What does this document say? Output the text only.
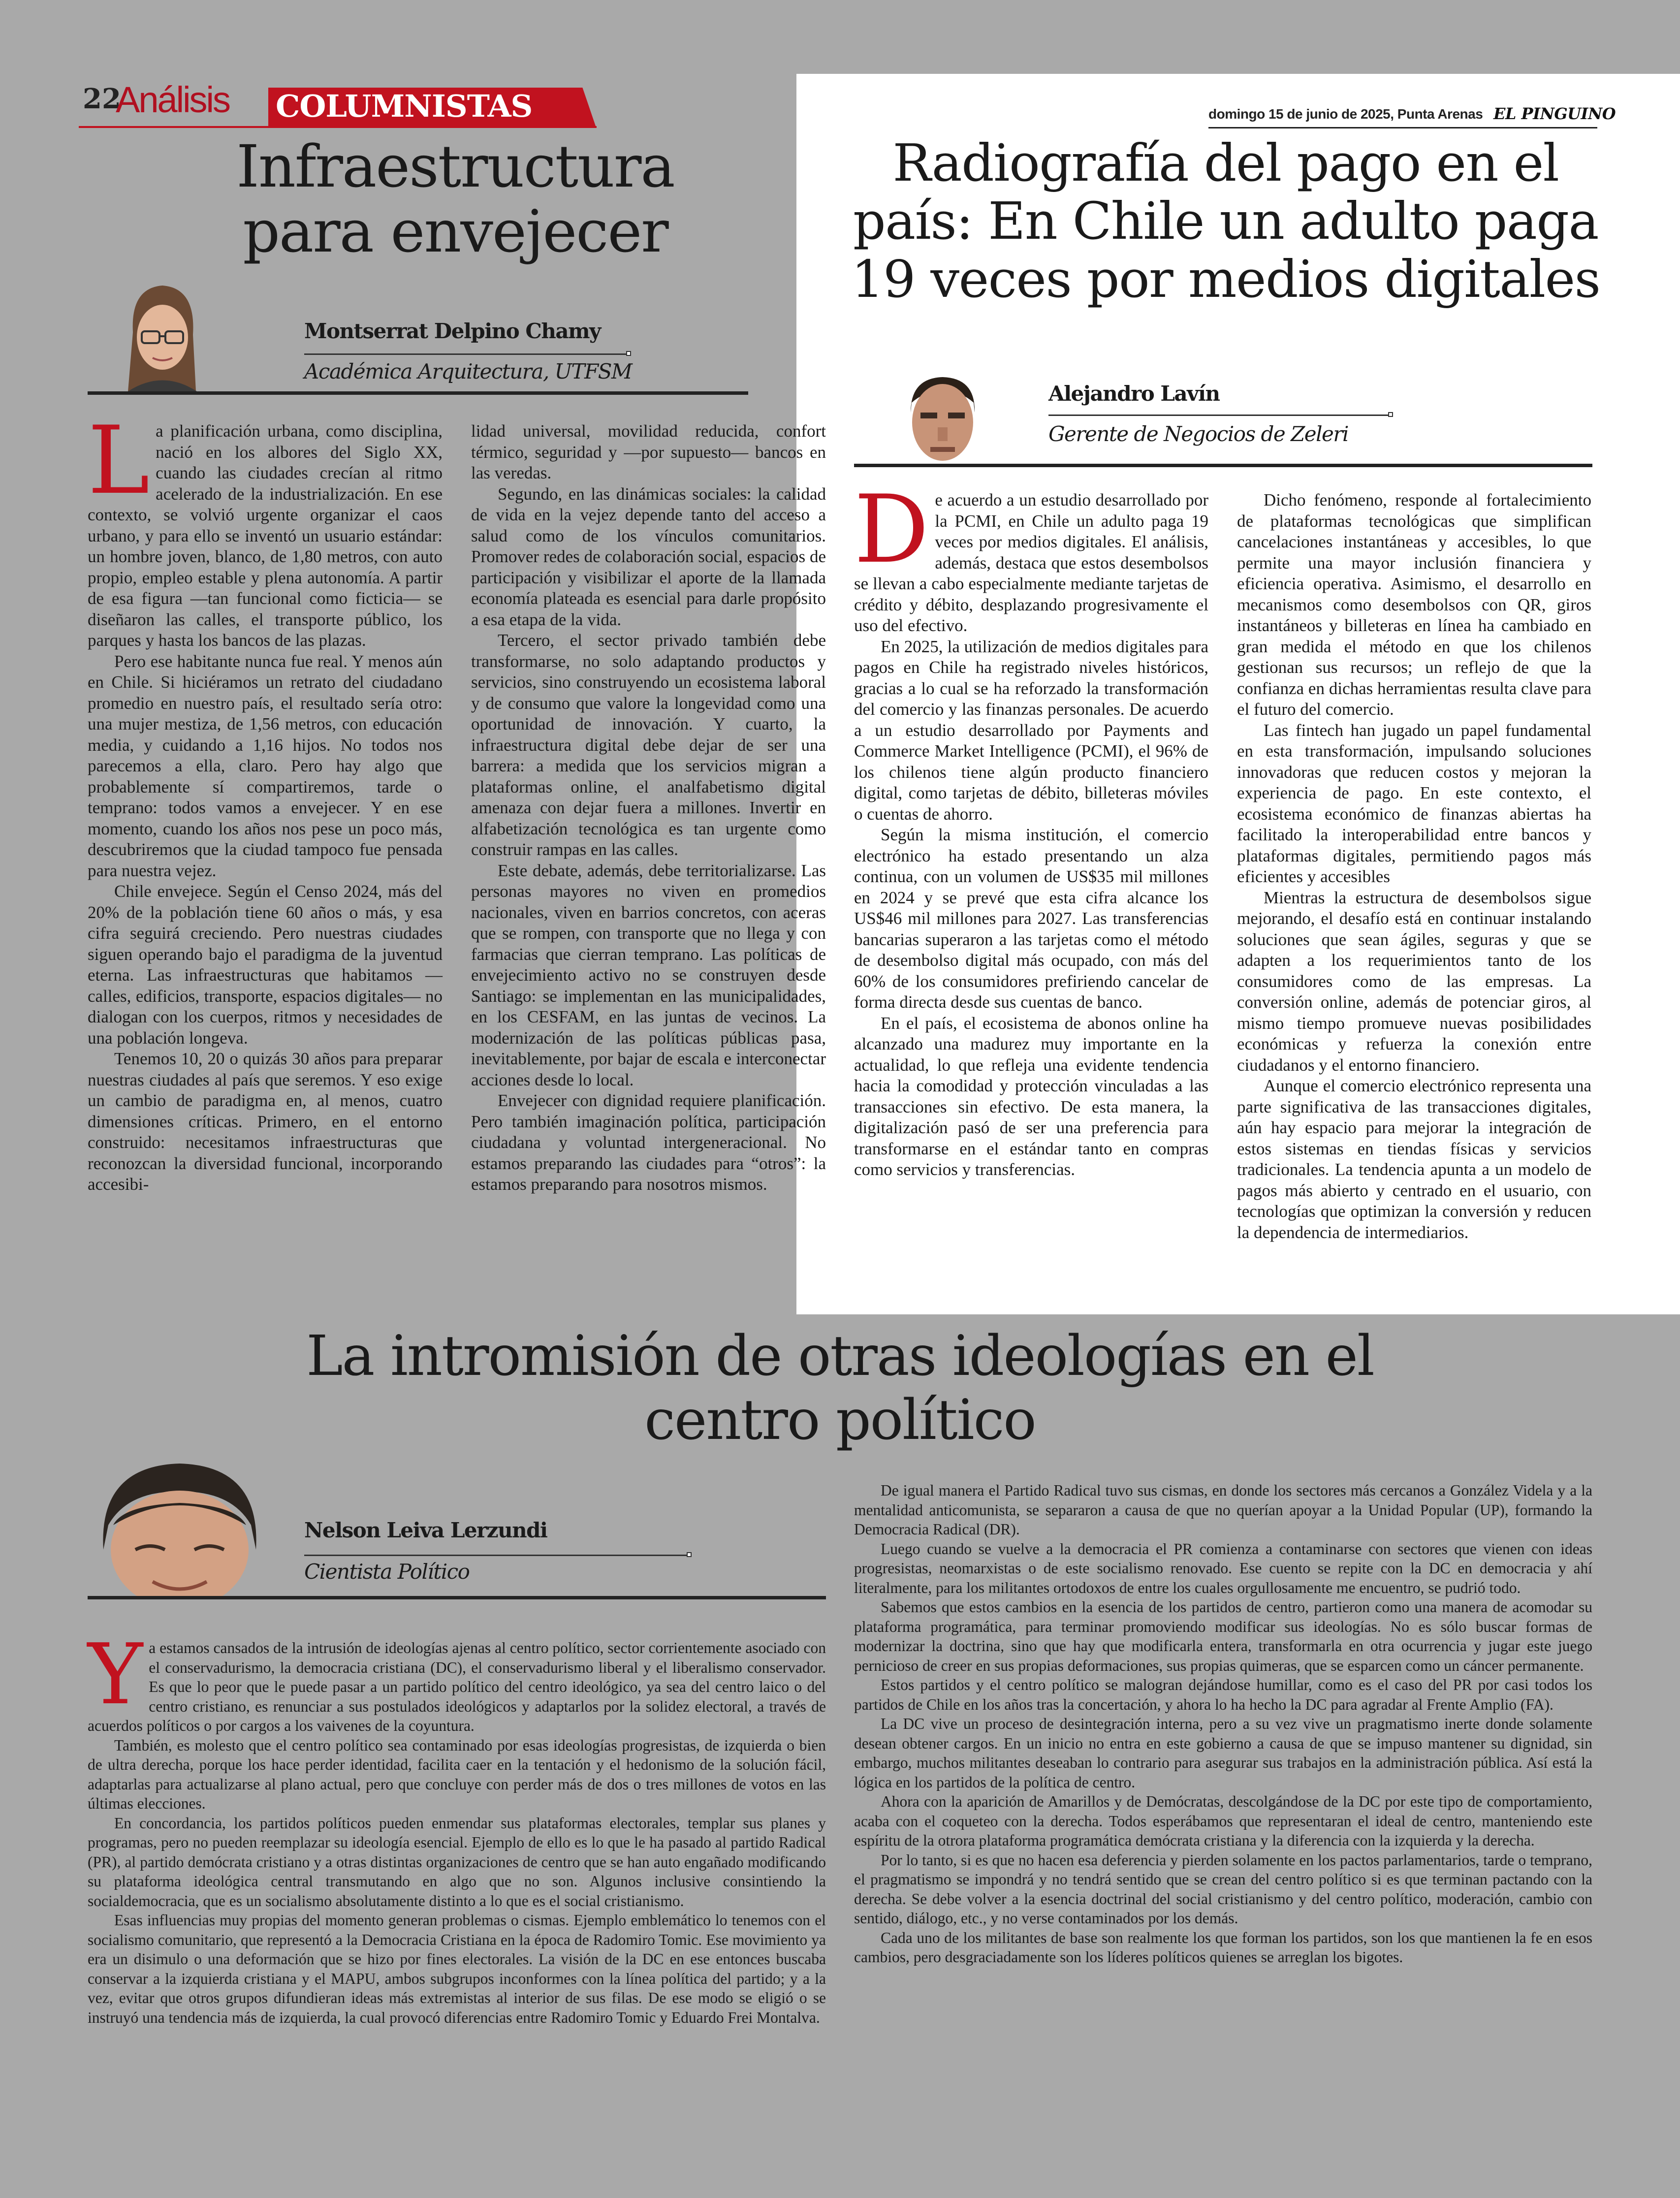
22
Análisis COLUMNISTAS	domingo 15 de junio de 2025, Punta Arenas EL PINGUINO
Infraestructura
para envejecer
Montserrat Delpino Chamy
Académica Arquitectura, UTFSM

La planificación urbana, como disciplina, nació en los albores del Siglo XX, cuando las ciudades crecían al ritmo acelerado de la industrialización. En ese contexto, se volvió urgente organizar el caos urbano, y para ello se inventó un usuario estándar: un hombre joven, blanco, de 1,80 metros, con auto propio, empleo estable y plena autonomía. A partir de esa figura —tan funcional como ficticia— se diseñaron las calles, el transporte público, los parques y hasta los bancos de las plazas.

Pero ese habitante nunca fue real. Y menos aún en Chile. Si hiciéramos un retrato del ciudadano promedio en nuestro país, el resultado sería otro: una mujer mestiza, de 1,56 metros, con educación media, y cuidando a 1,16 hijos. No todos nos parecemos a ella, claro. Pero hay algo que probablemente sí compartiremos, tarde o temprano: todos vamos a envejecer. Y en ese momento, cuando los años nos pese un poco más, descubriremos que la ciudad tampoco fue pensada para nuestra vejez.

Chile envejece. Según el Censo 2024, más del 20% de la población tiene 60 años o más, y esa cifra seguirá creciendo. Pero nuestras ciudades siguen operando bajo el paradigma de la juventud eterna. Las infraestructuras que habitamos —calles, edificios, transporte, espacios digitales— no dialogan con los cuerpos, ritmos y necesidades de una población longeva.

Tenemos 10, 20 o quizás 30 años para preparar nuestras ciudades al país que seremos. Y eso exige un cambio de paradigma en, al menos, cuatro dimensiones críticas. Primero, en el entorno construido: necesitamos infraestructuras que reconozcan la diversidad funcional, incorporando accesibi-

lidad universal, movilidad reducida, confort térmico, seguridad y —por supuesto— bancos en las veredas.

Segundo, en las dinámicas sociales: la calidad de vida en la vejez depende tanto del acceso a salud como de los vínculos comunitarios. Promover redes de colaboración social, espacios de participación y visibilizar el aporte de la llamada economía plateada es esencial para darle propósito a esa etapa de la vida.

Tercero, el sector privado también debe transformarse, no solo adaptando productos y servicios, sino construyendo un ecosistema laboral y de consumo que valore la longevidad como una oportunidad de innovación. Y cuarto, la infraestructura digital debe dejar de ser una barrera: a medida que los servicios migran a plataformas online, el analfabetismo digital amenaza con dejar fuera a millones. Invertir en alfabetización tecnológica es tan urgente como construir rampas en las calles.

Este debate, además, debe territorializarse. Las personas mayores no viven en promedios nacionales, viven en barrios concretos, con aceras que se rompen, con transporte que no llega y con farmacias que cierran temprano. Las políticas de envejecimiento activo no se construyen desde Santiago: se implementan en las municipalidades, en los CESFAM, en las juntas de vecinos. La modernización de las políticas públicas pasa, inevitablemente, por bajar de escala e interconectar acciones desde lo local.

Envejecer con dignidad requiere planificación. Pero también imaginación política, participación ciudadana y voluntad intergeneracional. No estamos preparando las ciudades para “otros”: la estamos preparando para nosotros mismos.

Radiografía del pago en el
país: En Chile un adulto paga
19 veces por medios digitales
Alejandro Lavín
Gerente de Negocios de Zeleri

De acuerdo a un estudio desarrollado por la PCMI, en Chile un adulto paga 19 veces por medios digitales. El análisis, además, destaca que estos desembolsos se llevan a cabo especialmente mediante tarjetas de crédito y débito, desplazando progresivamente el uso del efectivo.

En 2025, la utilización de medios digitales para pagos en Chile ha registrado niveles históricos, gracias a lo cual se ha reforzado la transformación del comercio y las finanzas personales. De acuerdo a un estudio desarrollado por Payments and Commerce Market Intelligence (PCMI), el 96% de los chilenos tiene algún producto financiero digital, como tarjetas de débito, billeteras móviles o cuentas de ahorro.

Según la misma institución, el comercio electrónico ha estado presentando un alza continua, con un volumen de US$35 mil millones en 2024 y se prevé que esta cifra alcance los US$46 mil millones para 2027. Las transferencias bancarias superaron a las tarjetas como el método de desembolso digital más ocupado, con más del 60% de los consumidores prefiriendo cancelar de forma directa desde sus cuentas de banco.

En el país, el ecosistema de abonos online ha alcanzado una madurez muy importante en la actualidad, lo que refleja una evidente tendencia hacia la comodidad y protección vinculadas a las transacciones sin efectivo. De esta manera, la digitalización pasó de ser una preferencia para transformarse en el estándar tanto en compras como servicios y transferencias.

Dicho fenómeno, responde al fortalecimiento de plataformas tecnológicas que simplifican cancelaciones instantáneas y accesibles, lo que permite una mayor inclusión financiera y eficiencia operativa. Asimismo, el desarrollo en mecanismos como desembolsos con QR, giros instantáneos y billeteras en línea ha cambiado en gran medida el método en que los chilenos gestionan sus recursos; un reflejo de que la confianza en dichas herramientas resulta clave para el futuro del comercio.

Las fintech han jugado un papel fundamental en esta transformación, impulsando soluciones innovadoras que reducen costos y mejoran la experiencia de pago. En este contexto, el ecosistema económico de finanzas abiertas ha facilitado la interoperabilidad entre bancos y plataformas digitales, permitiendo pagos más eficientes y accesibles

Mientras la estructura de desembolsos sigue mejorando, el desafío está en continuar instalando soluciones que sean ágiles, seguras y que se adapten a los requerimientos tanto de los consumidores como de las empresas. La conversión online, además de potenciar giros, al mismo tiempo promueve nuevas posibilidades económicas y refuerza la conexión entre ciudadanos y el entorno financiero.

Aunque el comercio electrónico representa una parte significativa de las transacciones digitales, aún hay espacio para mejorar la integración de estos sistemas en tiendas físicas y servicios tradicionales. La tendencia apunta a un modelo de pagos más abierto y centrado en el usuario, con tecnologías que optimizan la conversión y reducen la dependencia de intermediarios.

La intromisión de otras ideologías en el
centro político
Nelson Leiva Lerzundi
Cientista Político

Ya estamos cansados de la intrusión de ideologías ajenas al centro político, sector corrientemente asociado con el conservadurismo, la democracia cristiana (DC), el conservadurismo liberal y el liberalismo conservador. Es que lo peor que le puede pasar a un partido político del centro ideológico, ya sea del centro laico o del centro cristiano, es renunciar a sus postulados ideológicos y adaptarlos por la solidez electoral, a través de acuerdos políticos o por cargos a los vaivenes de la coyuntura.

También, es molesto que el centro político sea contaminado por esas ideologías progresistas, de izquierda o bien de ultra derecha, porque los hace perder identidad, facilita caer en la tentación y el hedonismo de la solución fácil, adaptarlas para actualizarse al plano actual, pero que concluye con perder más de dos o tres millones de votos en las últimas elecciones.

En concordancia, los partidos políticos pueden enmendar sus plataformas electorales, templar sus planes y programas, pero no pueden reemplazar su ideología esencial. Ejemplo de ello es lo que le ha pasado al partido Radical (PR), al partido demócrata cristiano y a otras distintas organizaciones de centro que se han auto engañado modificando su plataforma ideológica central transmutando en algo que no son. Algunos inclusive consintiendo la socialdemocracia, que es un socialismo absolutamente distinto a lo que es el social cristianismo.

Esas influencias muy propias del momento generan problemas o cismas. Ejemplo emblemático lo tenemos con el socialismo comunitario, que representó a la Democracia Cristiana en la época de Radomiro Tomic. Ese movimiento ya era un disimulo o una deformación que se hizo por fines electorales. La visión de la DC en ese entonces buscaba conservar a la izquierda cristiana y el MAPU, ambos subgrupos inconformes con la línea política del partido; y a la vez, evitar que otros grupos difundieran ideas más extremistas al interior de sus filas. De ese modo se eligió o se instruyó una tendencia más de izquierda, la cual provocó diferencias entre Radomiro Tomic y Eduardo Frei Montalva.

De igual manera el Partido Radical tuvo sus cismas, en donde los sectores más cercanos a González Videla y a la mentalidad anticomunista, se separaron a causa de que no querían apoyar a la Unidad Popular (UP), formando la Democracia Radical (DR).

Luego cuando se vuelve a la democracia el PR comienza a contaminarse con sectores que vienen con ideas progresistas, neomarxistas o de este socialismo renovado. Ese cuento se repite con la DC en democracia y ahí literalmente, para los militantes ortodoxos de entre los cuales orgullosamente me encuentro, se pudrió todo.

Sabemos que estos cambios en la esencia de los partidos de centro, partieron como una manera de acomodar su plataforma programática, para terminar promoviendo modificar sus ideologías. No es sólo buscar formas de modernizar la doctrina, sino que hay que modificarla entera, transformarla en otra ocurrencia y jugar este juego pernicioso de creer en sus propias deformaciones, sus propias quimeras, que se esparcen como un cáncer permanente.

Estos partidos y el centro político se malogran dejándose humillar, como es el caso del PR por casi todos los partidos de Chile en los años tras la concertación, y ahora lo ha hecho la DC para agradar al Frente Amplio (FA).

La DC vive un proceso de desintegración interna, pero a su vez vive un pragmatismo inerte donde solamente desean obtener cargos. En un inicio no entra en este gobierno a causa de que se impuso mantener su dignidad, sin embargo, muchos militantes deseaban lo contrario para asegurar sus trabajos en la administración pública. Así está la lógica en los partidos de la política de centro.

Ahora con la aparición de Amarillos y de Demócratas, descolgándose de la DC por este tipo de comportamiento, acaba con el coqueteo con la derecha. Todos esperábamos que representaran el ideal de centro, manteniendo este espíritu de la otrora plataforma programática demócrata cristiana y la diferencia con la izquierda y la derecha.

Por lo tanto, si es que no hacen esa deferencia y pierden solamente en los pactos parlamentarios, tarde o temprano, el pragmatismo se impondrá y no tendrá sentido que se crean del centro político si es que terminan pactando con la derecha. Se debe volver a la esencia doctrinal del social cristianismo y del centro político, moderación, cambio con sentido, diálogo, etc., y no verse contaminados por los demás.

Cada uno de los militantes de base son realmente los que forman los partidos, son los que mantienen la fe en esos cambios, pero desgraciadamente son los líderes políticos quienes se arreglan los bigotes.
